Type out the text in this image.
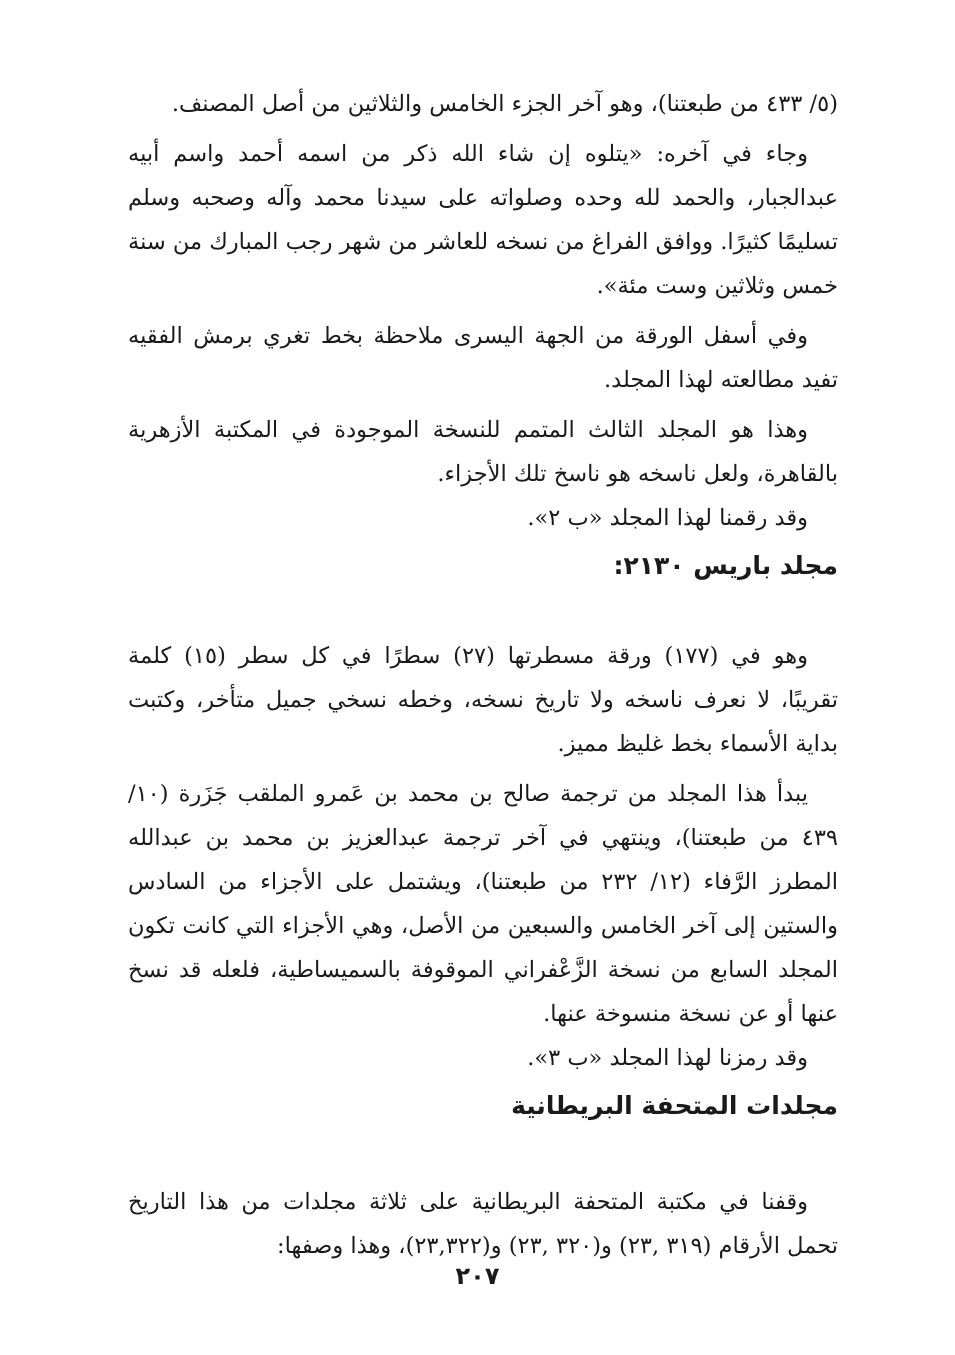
(٥/ ٤٣٣ من طبعتنا)، وهو آخر الجزء الخامس والثلاثين من أصل المصنف.

وجاء في آخره: «يتلوه إن شاء الله ذكر من اسمه أحمد واسم أبيه عبدالجبار، والحمد لله وحده وصلواته على سيدنا محمد وآله وصحبه وسلم تسليمًا كثيرًا. ووافق الفراغ من نسخه للعاشر من شهر رجب المبارك من سنة خمس وثلاثين وست مئة».

وفي أسفل الورقة من الجهة اليسرى ملاحظة بخط تغري برمش الفقيه تفيد مطالعته لهذا المجلد.

وهذا هو المجلد الثالث المتمم للنسخة الموجودة في المكتبة الأزهرية بالقاهرة، ولعل ناسخه هو ناسخ تلك الأجزاء.

وقد رقمنا لهذا المجلد «ب ٢».

مجلد باريس ٢١٣٠:

وهو في (١٧٧) ورقة مسطرتها (٢٧) سطرًا في كل سطر (١٥) كلمة تقريبًا، لا نعرف ناسخه ولا تاريخ نسخه، وخطه نسخي جميل متأخر، وكتبت بداية الأسماء بخط غليظ مميز.

يبدأ هذا المجلد من ترجمة صالح بن محمد بن عَمرو الملقب جَزَرة (١٠/ ٤٣٩ من طبعتنا)، وينتهي في آخر ترجمة عبدالعزيز بن محمد بن عبدالله المطرز الرَّفاء (١٢/ ٢٣٢ من طبعتنا)، ويشتمل على الأجزاء من السادس والستين إلى آخر الخامس والسبعين من الأصل، وهي الأجزاء التي كانت تكون المجلد السابع من نسخة الزَّعْفراني الموقوفة بالسميساطية، فلعله قد نسخ عنها أو عن نسخة منسوخة عنها.

وقد رمزنا لهذا المجلد «ب ٣».

مجلدات المتحفة البريطانية

وقفنا في مكتبة المتحفة البريطانية على ثلاثة مجلدات من هذا التاريخ تحمل الأرقام (٣١٩ ,٢٣) و(٣٢٠ ,٢٣) و(٢٣,٣٢٢)، وهذا وصفها:

٢٠٧
